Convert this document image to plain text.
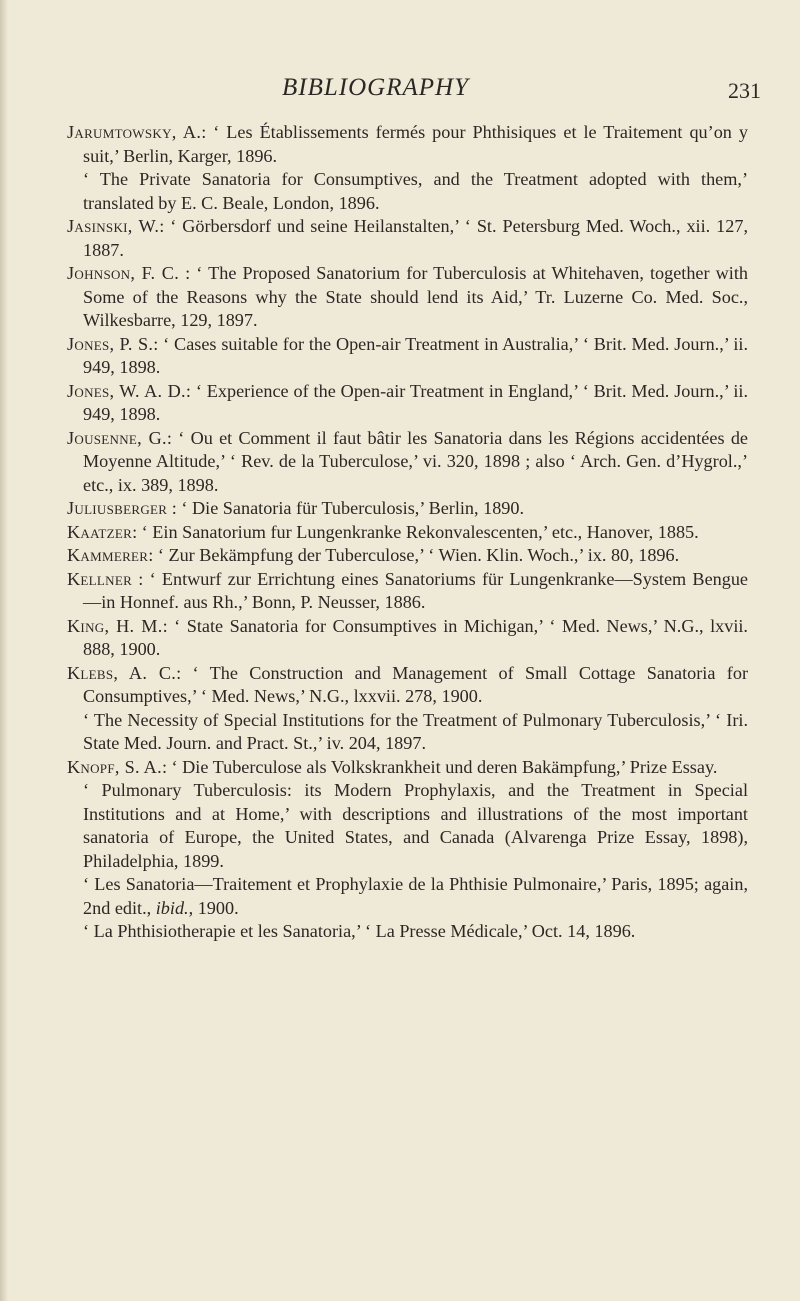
BIBLIOGRAPHY	231

Jarumtowsky, A.: ‘ Les Établissements fermés pour Phthisiques et le Traitement qu’on y suit,’ Berlin, Karger, 1896.

‘ The Private Sanatoria for Consumptives, and the Treatment adopted with them,’ translated by E. C. Beale, London, 1896.

Jasinski, W.: ‘ Görbersdorf und seine Heilanstalten,’ ‘ St. Petersburg Med. Woch., xii. 127, 1887.

Johnson, F. C. : ‘ The Proposed Sanatorium for Tuberculosis at Whitehaven, together with Some of the Reasons why the State should lend its Aid,’ Tr. Luzerne Co. Med. Soc., Wilkesbarre, 129, 1897.

Jones, P. S.: ‘ Cases suitable for the Open-air Treatment in Australia,’ ‘ Brit. Med. Journ.,’ ii. 949, 1898.

Jones, W. A. D.: ‘ Experience of the Open-air Treatment in England,’ ‘ Brit. Med. Journ.,’ ii. 949, 1898.

Jousenne, G.: ‘ Ou et Comment il faut bâtir les Sanatoria dans les Régions accidentées de Moyenne Altitude,’ ‘ Rev. de la Tuberculose,’ vi. 320, 1898 ; also ‘ Arch. Gen. d’Hygrol.,’ etc., ix. 389, 1898.

Juliusberger : ‘ Die Sanatoria für Tuberculosis,’ Berlin, 1890.

Kaatzer: ‘ Ein Sanatorium fur Lungenkranke Rekonvalescenten,’ etc., Hanover, 1885.

Kammerer: ‘ Zur Bekämpfung der Tuberculose,’ ‘ Wien. Klin. Woch.,’ ix. 80, 1896.

Kellner : ‘ Entwurf zur Errichtung eines Sanatoriums für Lungenkranke—System Bengue—in Honnef. aus Rh.,’ Bonn, P. Neusser, 1886.

King, H. M.: ‘ State Sanatoria for Consumptives in Michigan,’ ‘ Med. News,’ N.G., lxvii. 888, 1900.

Klebs, A. C.: ‘ The Construction and Management of Small Cottage Sanatoria for Consumptives,’ ‘ Med. News,’ N.G., lxxvii. 278, 1900.

‘ The Necessity of Special Institutions for the Treatment of Pulmonary Tuberculosis,’ ‘ Iri. State Med. Journ. and Pract. St.,’ iv. 204, 1897.

Knopf, S. A.: ‘ Die Tuberculose als Volkskrankheit und deren Bakämpfung,’ Prize Essay.

‘ Pulmonary Tuberculosis: its Modern Prophylaxis, and the Treatment in Special Institutions and at Home,’ with descriptions and illustrations of the most important sanatoria of Europe, the United States, and Canada (Alvarenga Prize Essay, 1898), Philadelphia, 1899.

‘ Les Sanatoria—Traitement et Prophylaxie de la Phthisie Pulmonaire,’ Paris, 1895; again, 2nd edit., ibid., 1900.

‘ La Phthisiotherapie et les Sanatoria,’ ‘ La Presse Médicale,’ Oct. 14, 1896.
